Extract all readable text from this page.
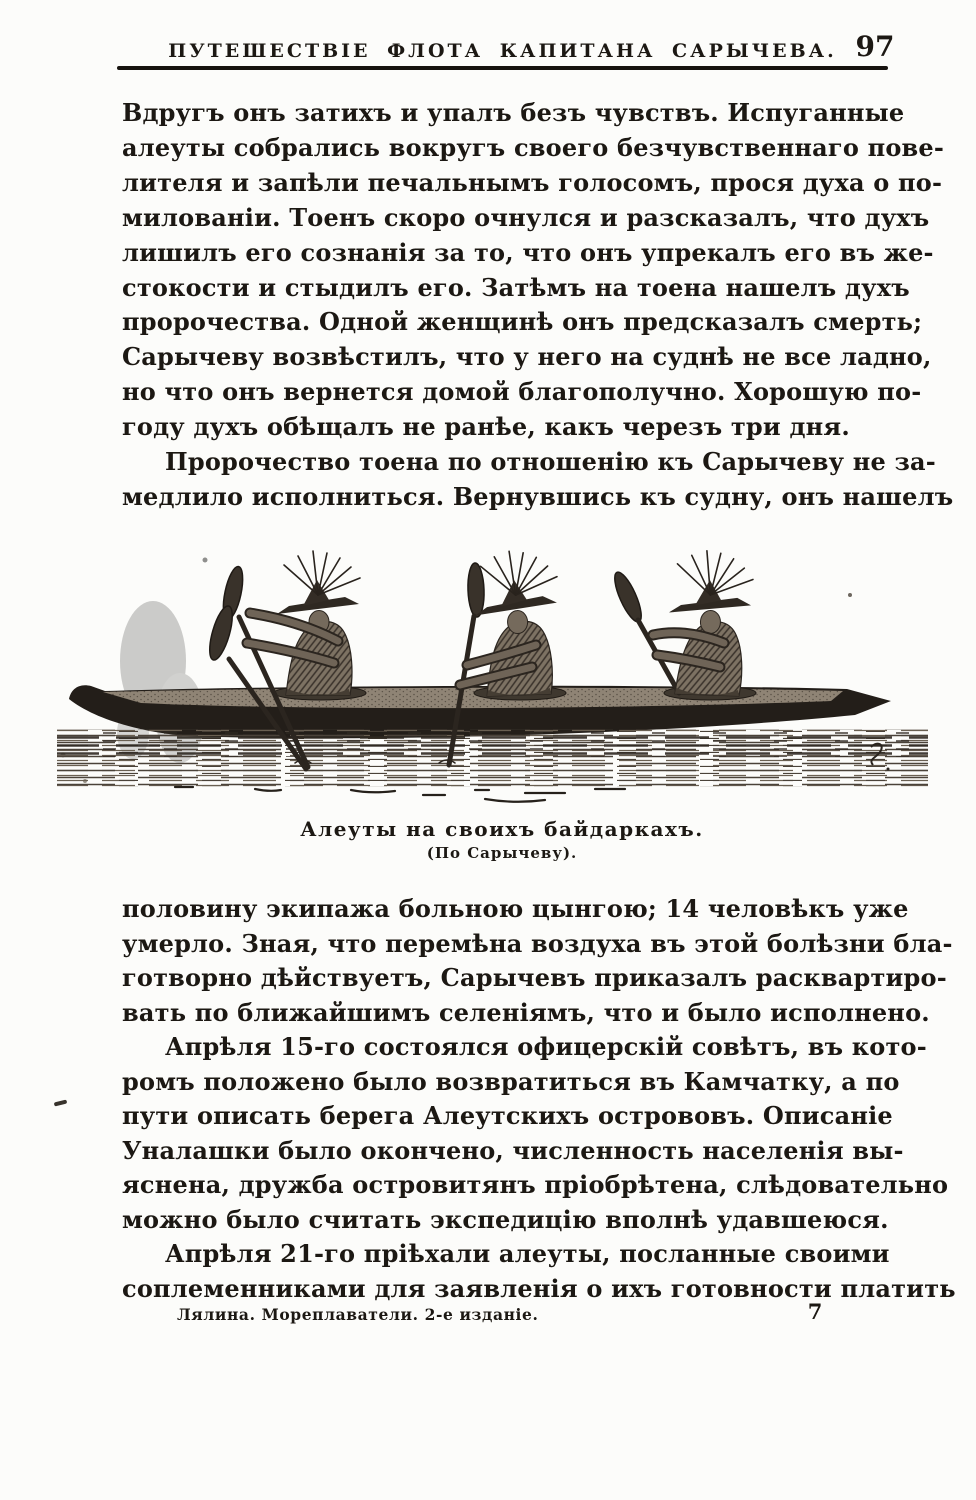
ПУТЕШЕСТВІЕ ФЛОТА КАПИТАНА САРЫЧЕВА. 97
Вдругъ онъ затихъ и упалъ безъ чувствъ. Испуганные
алеуты собрались вокругъ своего безчувственнаго пове-
лителя и запѣли печальнымъ голосомъ, прося духа о по-
милованіи. Тоенъ скоро очнулся и разсказалъ, что духъ
лишилъ его сознанія за то, что онъ упрекалъ его въ же-
стокости и стыдилъ его. Затѣмъ на тоена нашелъ духъ
пророчества. Одной женщинѣ онъ предсказалъ смерть;
Сарычеву возвѣстилъ, что у него на суднѣ не все ладно,
но что онъ вернется домой благополучно. Хорошую по-
году духъ обѣщалъ не ранѣе, какъ черезъ три дня.
Пророчество тоена по отношенію къ Сарычеву не за-
медлило исполниться. Вернувшись къ судну, онъ нашелъ
Алеуты на своихъ байдаркахъ.
(По Сарычеву).
половину экипажа больною цынгою; 14 человѣкъ уже
умерло. Зная, что перемѣна воздуха въ этой болѣзни бла-
готворно дѣйствуетъ, Сарычевъ приказалъ расквартиро-
вать по ближайшимъ селеніямъ, что и было исполнено.
Апрѣля 15-го состоялся офицерскій совѣтъ, въ кото-
ромъ положено было возвратиться въ Камчатку, а по
пути описать берега Алеутскихъ острововъ. Описаніе
Уналашки было окончено, численность населенія вы-
яснена, дружба островитянъ пріобрѣтена, слѣдовательно
можно было считать экспедицію вполнѣ удавшеюся.
Апрѣля 21-го пріѣхали алеуты, посланные своими
соплеменниками для заявленія о ихъ готовности платить
Лялина. Мореплаватели. 2-е изданіе.	7
